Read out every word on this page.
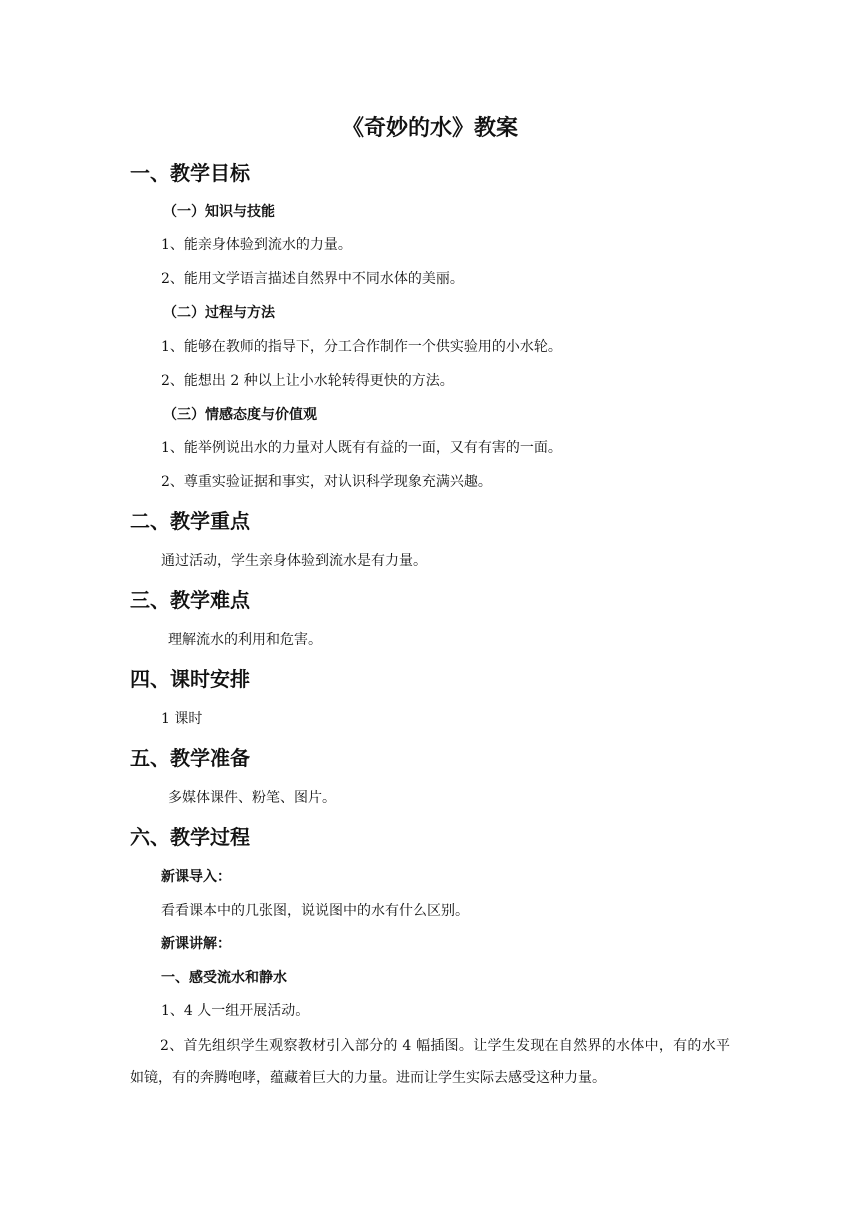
《奇妙的水》教案
一、教学目标
（一）知识与技能
1、能亲身体验到流水的力量。
2、能用文学语言描述自然界中不同水体的美丽。
（二）过程与方法
1、能够在教师的指导下，分工合作制作一个供实验用的小水轮。
2、能想出 2 种以上让小水轮转得更快的方法。
（三）情感态度与价值观
1、能举例说出水的力量对人既有有益的一面，又有有害的一面。
2、尊重实验证据和事实，对认识科学现象充满兴趣。
二、教学重点
通过活动，学生亲身体验到流水是有力量。
三、教学难点
理解流水的利用和危害。
四、课时安排
1 课时
五、教学准备
多媒体课件、粉笔、图片。
六、教学过程
新课导入：
看看课本中的几张图，说说图中的水有什么区别。
新课讲解：
一、感受流水和静水
1、4 人一组开展活动。
2、首先组织学生观察教材引入部分的 4 幅插图。让学生发现在自然界的水体中，有的水平如镜，有的奔腾咆哮，蕴藏着巨大的力量。进而让学生实际去感受这种力量。
